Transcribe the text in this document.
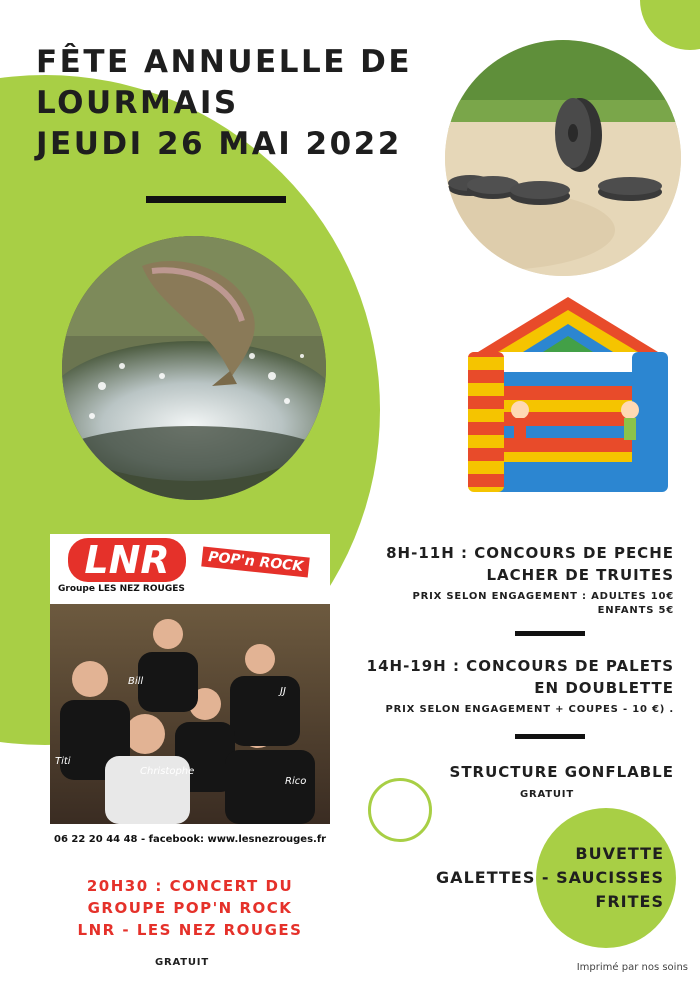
FÊTE ANNUELLE DE
LOURMAIS
JEUDI 26 MAI 2022
LNR
Groupe LES NEZ ROUGES
POP'n ROCK
Bill
JJ
Titi
Christophe
Rico
06 22 20 44 48 - facebook: www.lesnezrouges.fr
8H-11H : CONCOURS DE PECHE
LACHER DE TRUITES
PRIX SELON ENGAGEMENT : ADULTES 10€
ENFANTS 5€
14H-19H : CONCOURS DE PALETS
EN DOUBLETTE
PRIX SELON ENGAGEMENT + COUPES - 10 €) .
STRUCTURE GONFLABLE
GRATUIT
BUVETTE
GALETTES - SAUCISSES
FRITES
20H30 : CONCERT DU
GROUPE POP'N ROCK
LNR - LES NEZ ROUGES
GRATUIT	Imprimé par nos soins
